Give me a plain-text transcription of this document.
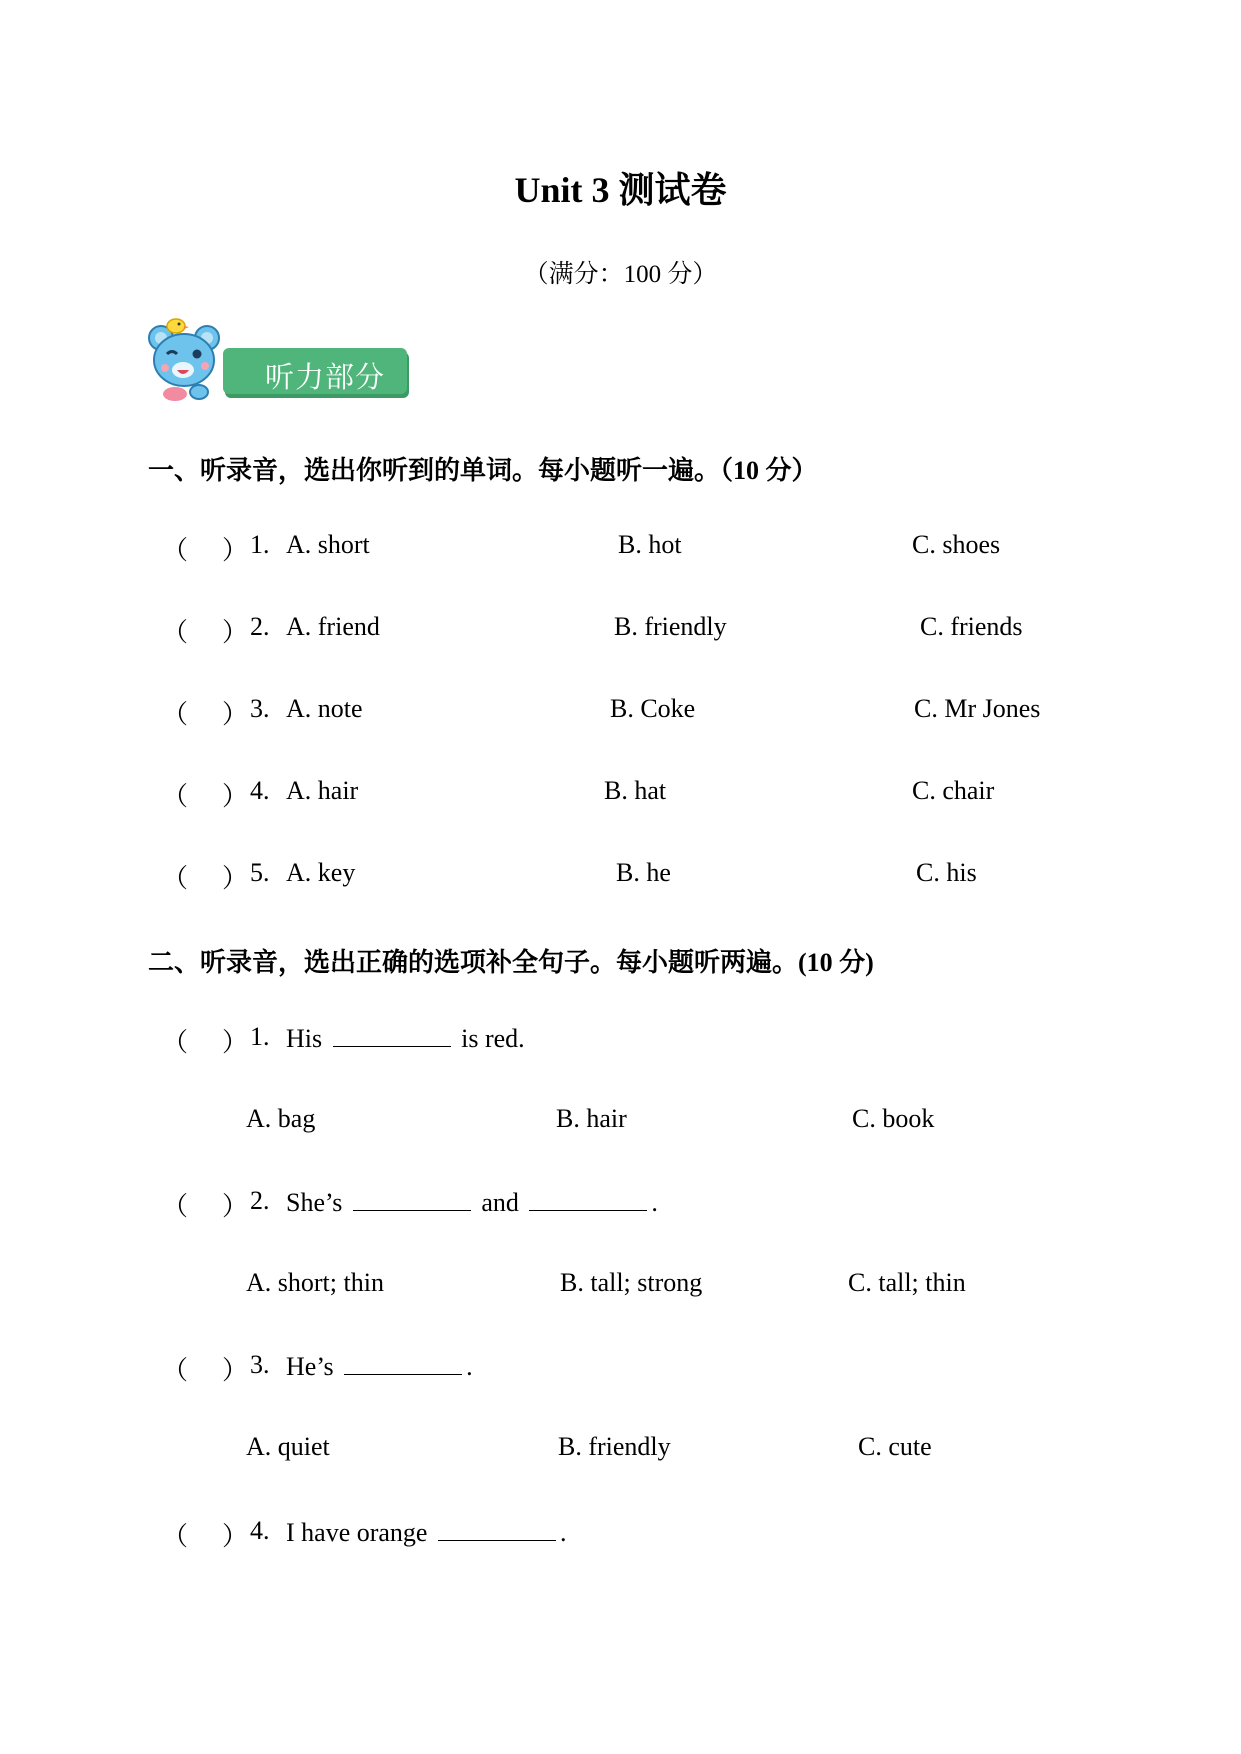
Unit 3 测试卷
（满分：100 分）
听力部分
一、听录音，选出你听到的单词。每小题听一遍。（10 分）
（ ） 1. A. short	B. hot	C. shoes
（ ） 2. A. friend	B. friendly	C. friends
（ ） 3. A. note	B. Coke	C. Mr Jones
（ ） 4. A. hair	B. hat	C. chair
（ ） 5. A. key	B. he	C. his
二、听录音，选出正确的选项补全句子。每小题听两遍。(10 分)
（ ） 1. His	is red.
A. bag	B. hair	C. book
（ ） 2. She’s	and	.
A. short; thin	B. tall; strong	C. tall; thin
（ ） 3. He’s	.
A. quiet	B. friendly	C. cute
（ ） 4. I have orange	.
